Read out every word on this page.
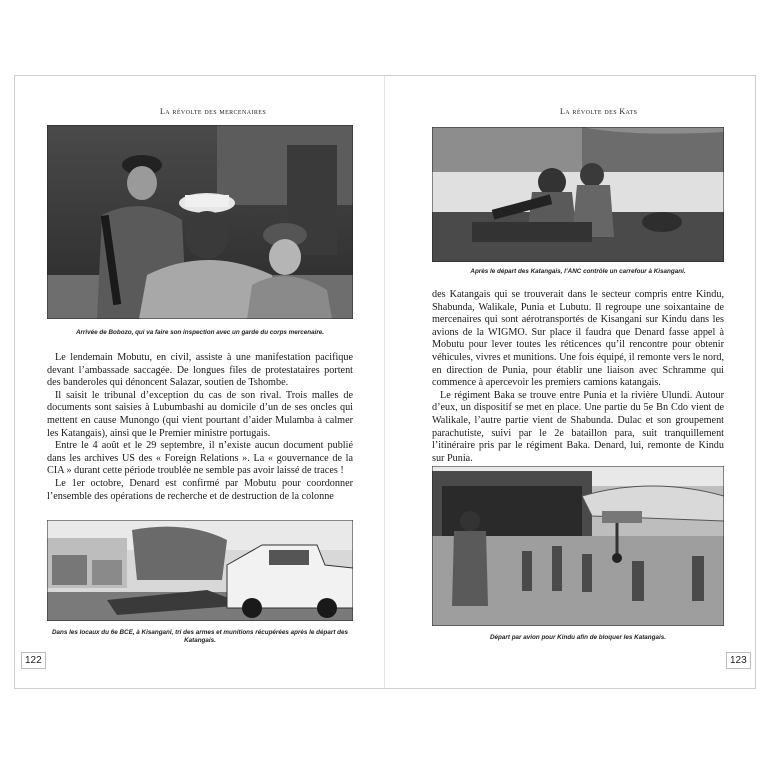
La révolte des mercenaires
Arrivée de Bobozo, qui va faire son inspection avec un garde du corps mercenaire.

Le lendemain Mobutu, en civil, assiste à une manifestation pacifique devant l’ambassade saccagée. De longues files de protestataires portent des banderoles qui dénoncent Salazar, soutien de Tshombe.

Il saisit le tribunal d’exception du cas de son rival. Trois malles de documents sont saisies à Lubumbashi au domicile d’un de ses oncles qui mettent en cause Munongo (qui vient pourtant d’aider Mulamba à calmer les Katangais), ainsi que le Premier ministre portugais.

Entre le 4 août et le 29 septembre, il n’existe aucun document publié dans les archives US des « Foreign Relations ». La « gouvernance de la CIA » durant cette période troublée ne semble pas avoir laissé de traces !

Le 1er octobre, Denard est confirmé par Mobutu pour coordonner l’ensemble des opérations de recherche et de destruction de la colonne

Dans les locaux du 6e BCE, à Kisangani, tri des armes et munitions récupérées après le départ des Katangais.
122
La révolte des Kats
Après le départ des Katangais, l’ANC contrôle un carrefour à Kisangani.

des Katangais qui se trouverait dans le secteur compris entre Kindu, Shabunda, Walikale, Punia et Lubutu. Il regroupe une soixantaine de mercenaires qui sont aérotransportés de Kisangani sur Kindu dans les avions de la WIGMO. Sur place il faudra que Denard fasse appel à Mobutu pour lever toutes les réticences qu’il rencontre pour obtenir véhicules, vivres et munitions. Une fois équipé, il remonte vers le nord, en direction de Punia, pour établir une liaison avec Schramme qui commence à apercevoir les premiers camions katangais.

Le régiment Baka se trouve entre Punia et la rivière Ulundi. Autour d’eux, un dispositif se met en place. Une partie du 5e Bn Cdo vient de Walikale, l’autre partie vient de Shabunda. Dulac et son groupement parachutiste, suivi par le 2e bataillon para, suit tranquillement l’itinéraire pris par le régiment Baka. Denard, lui, remonte de Kindu sur Punia.

Départ par avion pour Kindu afin de bloquer les Katangais.
123
